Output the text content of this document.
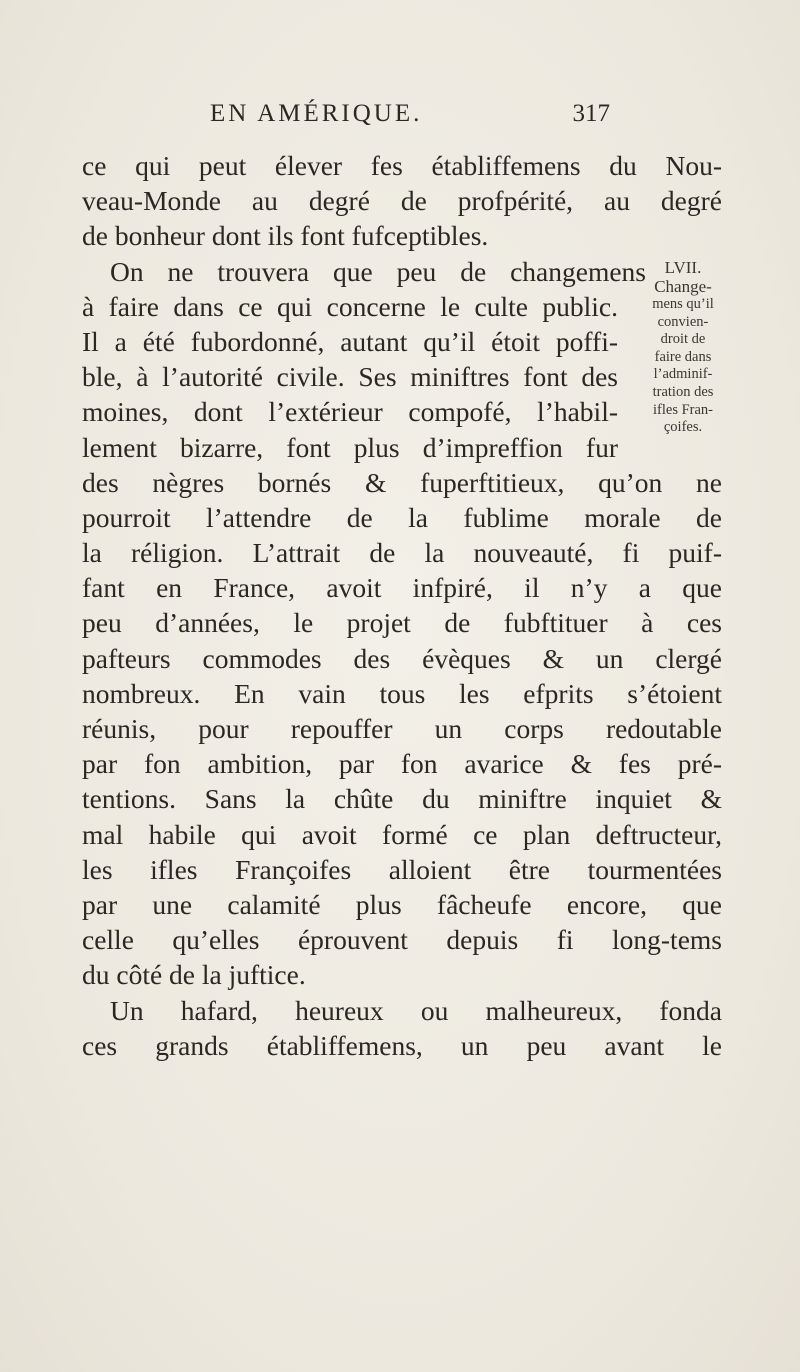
EN AMÉRIQUE.	317
ce qui peut élever fes établiffemens du Nou-
veau-Monde au degré de profpérité, au degré
de bonheur dont ils font fufceptibles.
On ne trouvera que peu de changemens
à faire dans ce qui concerne le culte public.
Il a été fubordonné, autant qu’il étoit poffi-
ble, à l’autorité civile. Ses miniftres font des
moines, dont l’extérieur compofé, l’habil-
lement bizarre, font plus d’impreffion fur
des nègres bornés & fuperftitieux, qu’on ne
pourroit l’attendre de la fublime morale de
la réligion. L’attrait de la nouveauté, fi puif-
fant en France, avoit infpiré, il n’y a que
peu d’années, le projet de fubftituer à ces
pafteurs commodes des évèques & un clergé
nombreux. En vain tous les efprits s’étoient
réunis, pour repouffer un corps redoutable
par fon ambition, par fon avarice & fes pré-
tentions. Sans la chûte du miniftre inquiet &
mal habile qui avoit formé ce plan deftructeur,
les ifles Françoifes alloient être tourmentées
par une calamité plus fâcheufe encore, que
celle qu’elles éprouvent depuis fi long-tems
du côté de la juftice.
Un hafard, heureux ou malheureux, fonda
ces grands établiffemens, un peu avant le
LVII.
Change-
mens qu’il
convien-
droit de
faire dans
l’adminif-
tration des
ifles Fran-
çoifes.
